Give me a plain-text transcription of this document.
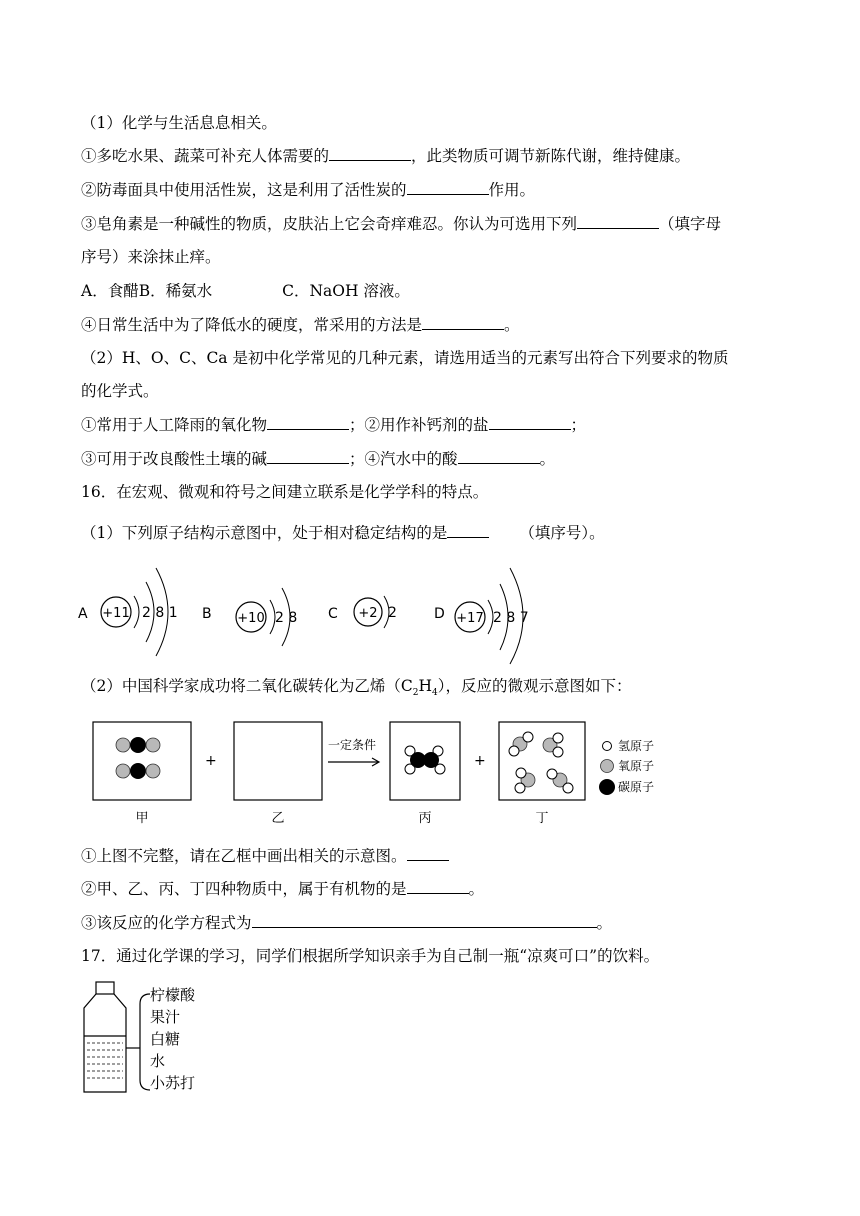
（1）化学与生活息息相关。
①多吃水果、蔬菜可补充人体需要的	，此类物质可调节新陈代谢，维持健康。
②防毒面具中使用活性炭，这是利用了活性炭的	作用。
③皂角素是一种碱性的物质，皮肤沾上它会奇痒难忍。你认为可选用下列	（填字母
序号）来涂抹止痒。
A．食醋B．稀氨水	C．NaOH 溶液。
④日常生活中为了降低水的硬度，常采用的方法是	。
（2）H、O、C、Ca 是初中化学常见的几种元素，请选用适当的元素写出符合下列要求的物质
的化学式。
①常用于人工降雨的氧化物	；②用作补钙剂的盐	；
③可用于改良酸性土壤的碱	；④汽水中的酸	。
16．在宏观、微观和符号之间建立联系是化学学科的特点。
（1）下列原子结构示意图中，处于相对稳定结构的是	（填序号）。
A +11 2 8 1 B +10 2 8 C +2 2	D +17 2 8 7
（2）中国科学家成功将二氧化碳转化为乙烯$(C_2H_4)$，反应的微观示意图如下：
+
一定条件
+
氢原子
氧原子
碳原子
甲	乙	丙	丁
①上图不完整，请在乙框中画出相关的示意图。
②甲、乙、丙、丁四种物质中，属于有机物的是	。
③该反应的化学方程式为	。
17．通过化学课的学习，同学们根据所学知识亲手为自己制一瓶“凉爽可口”的饮料。
柠檬酸
果汁
白糖
水
小苏打
